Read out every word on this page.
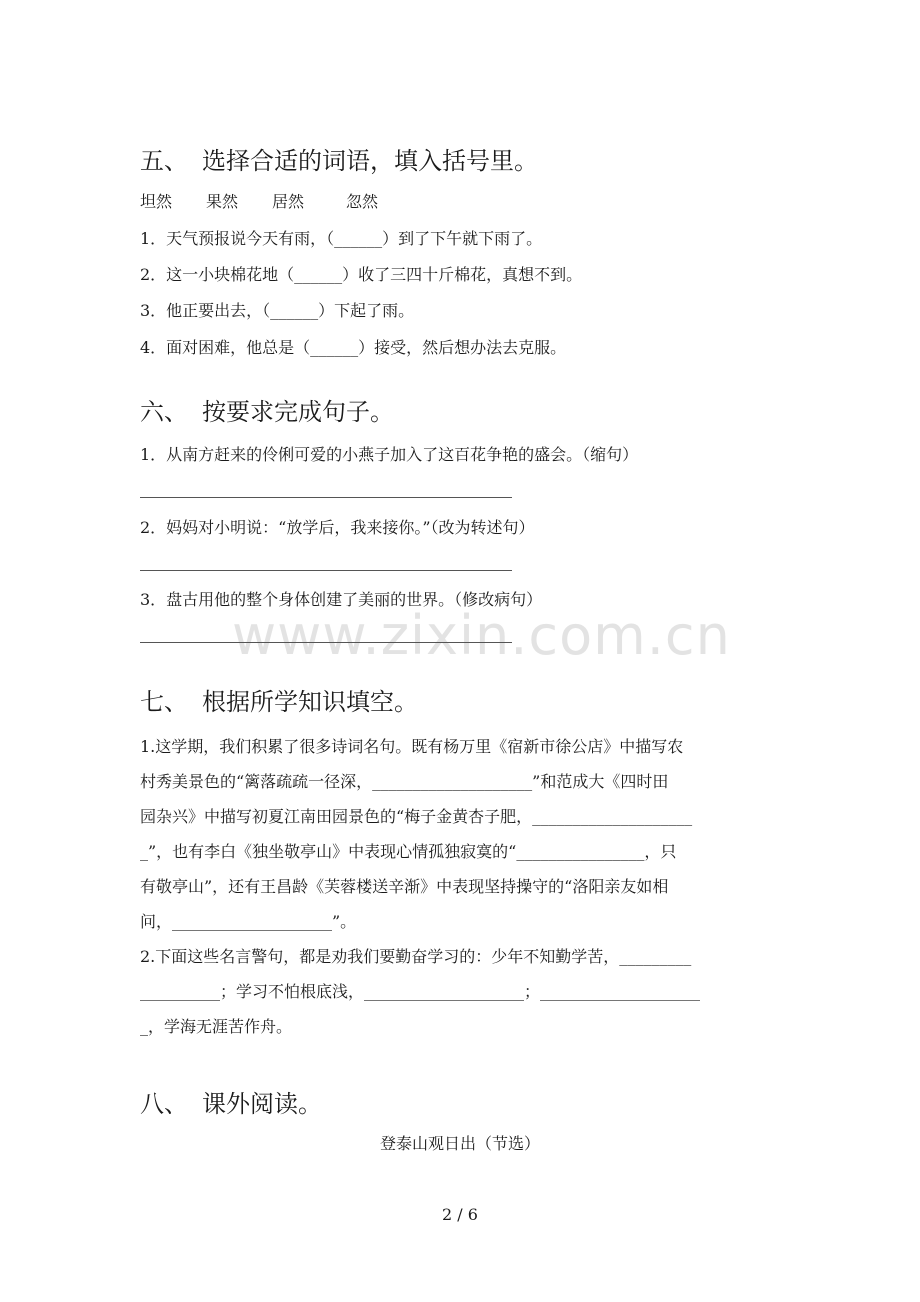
www.zixin.com.cn
五、 选择合适的词语，填入括号里。
坦然 果然 居然	忽然
1．天气预报说今天有雨，（______）到了下午就下雨了。
2．这一小块棉花地（______）收了三四十斤棉花，真想不到。
3．他正要出去，（______）下起了雨。
4．面对困难，他总是（______）接受，然后想办法去克服。
六、 按要求完成句子。
1．从南方赶来的伶俐可爱的小燕子加入了这百花争艳的盛会。（缩句）
2．妈妈对小明说：“放学后，我来接你。”（改为转述句）
3．盘古用他的整个身体创建了美丽的世界。（修改病句）
七、 根据所学知识填空。
1.这学期，我们积累了很多诗词名句。既有杨万里《宿新市徐公店》中描写农
村秀美景色的“篱落疏疏一径深，____________________”和范成大《四时田
园杂兴》中描写初夏江南田园景色的“梅子金黄杏子肥，____________________
_”，也有李白《独坐敬亭山》中表现心情孤独寂寞的“________________，只
有敬亭山”，还有王昌龄《芙蓉楼送辛渐》中表现坚持操守的“洛阳亲友如相
问，____________________”。
2.下面这些名言警句，都是劝我们要勤奋学习的：少年不知勤学苦，_________
__________；学习不怕根底浅，____________________；____________________
_，学海无涯苦作舟。
八、 课外阅读。
登泰山观日出（节选）
2 / 6
